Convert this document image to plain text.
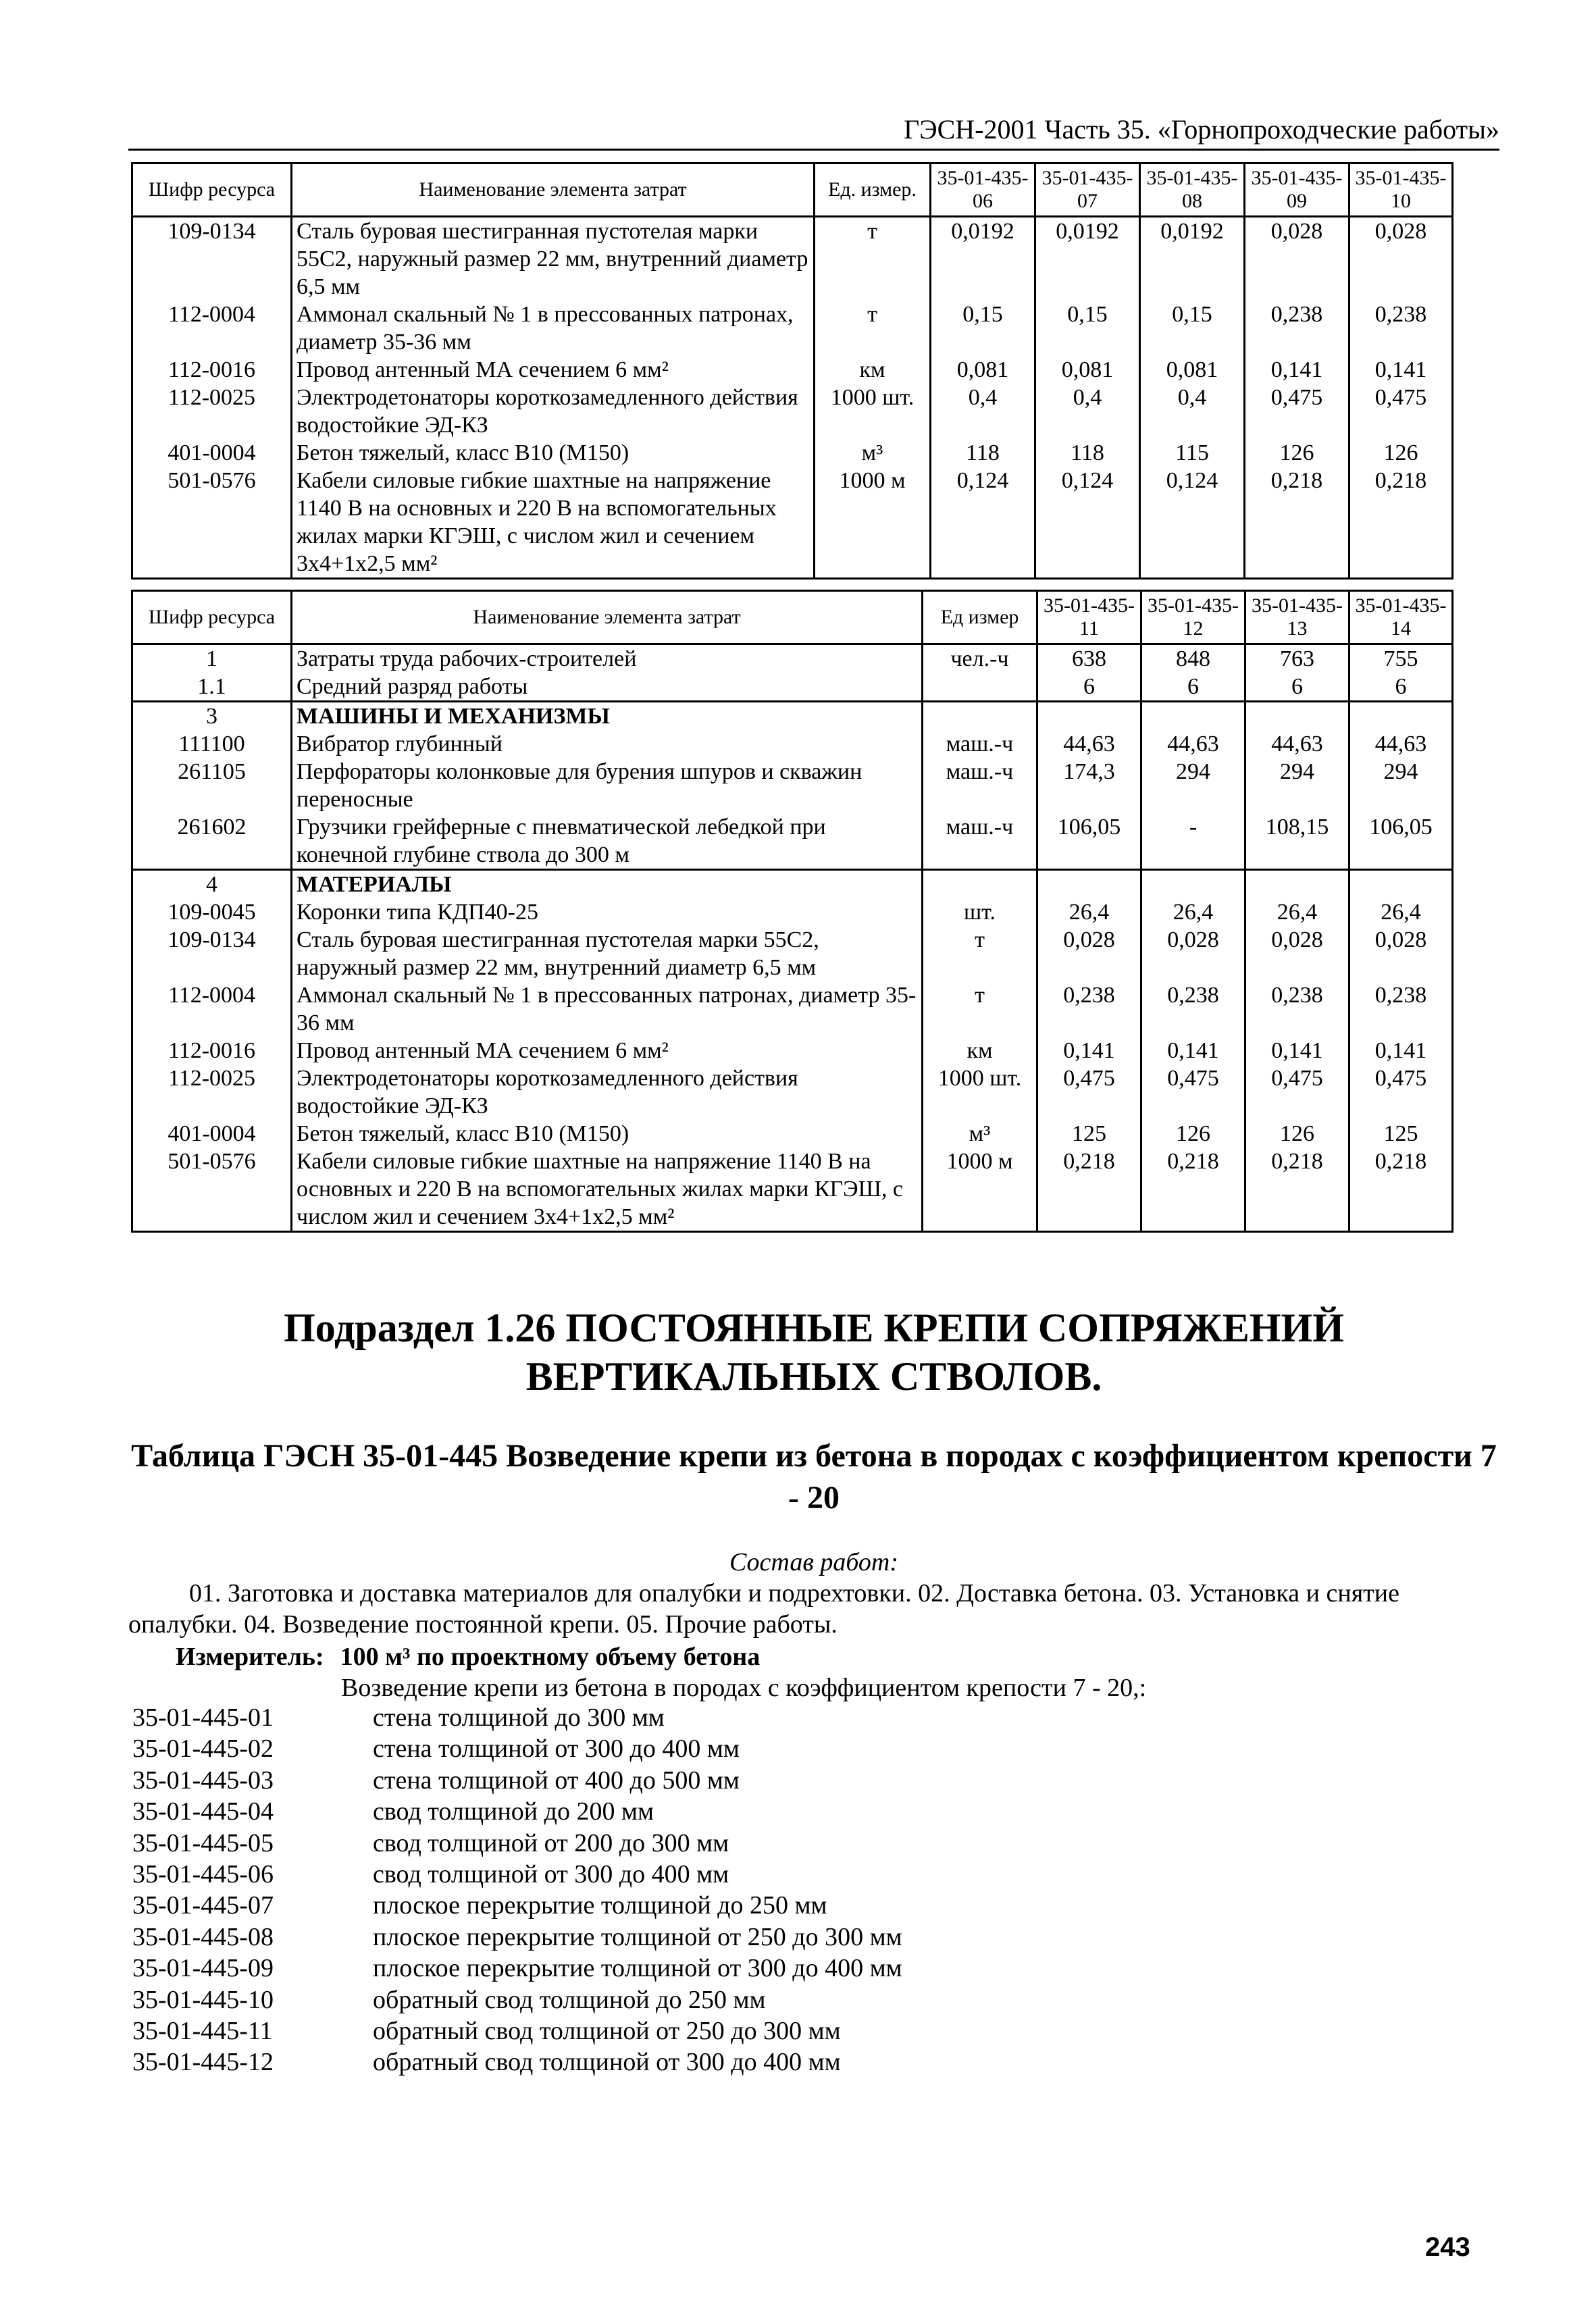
ГЭСН-2001 Часть 35. «Горнопроходческие работы»
Шифр ресурса	Наименование элемента затрат	Ед. измер.	35-01-435-06	35-01-435-07	35-01-435-08	35-01-435-09	35-01-435-10
109-0134	Сталь буровая шестигранная пустотелая марки 55С2, наружный размер 22 мм, внутренний диаметр 6,5 мм	т	0,0192	0,0192	0,0192	0,028	0,028
112-0004	Аммонал скальный № 1 в прессованных патронах, диаметр 35-36 мм	т	0,15	0,15	0,15	0,238	0,238
112-0016	Провод антенный МА сечением 6 мм²	км	0,081	0,081	0,081	0,141	0,141
112-0025	Электродетонаторы короткозамедленного действия водостойкие ЭД-КЗ	1000 шт.	0,4	0,4	0,4	0,475	0,475
401-0004	Бетон тяжелый, класс В10 (М150)	м³	118	118	115	126	126
501-0576	Кабели силовые гибкие шахтные на напряжение 1140 В на основных и 220 В на вспомогательных жилах марки КГЭШ, с числом жил и сечением 3х4+1х2,5 мм²	1000 м	0,124	0,124	0,124	0,218	0,218
Шифр ресурса	Наименование элемента затрат	Ед измер	35-01-435-11	35-01-435-12	35-01-435-13	35-01-435-14
1	Затраты труда рабочих-строителей	чел.-ч	638	848	763	755
1.1	Средний разряд работы		6	6	6	6
3	МАШИНЫ И МЕХАНИЗМЫ					
111100	Вибратор глубинный	маш.-ч	44,63	44,63	44,63	44,63
261105	Перфораторы колонковые для бурения шпуров и скважин переносные	маш.-ч	174,3	294	294	294
261602	Грузчики грейферные с пневматической лебедкой при конечной глубине ствола до 300 м	маш.-ч	106,05	-	108,15	106,05
4	МАТЕРИАЛЫ					
109-0045	Коронки типа КДП40-25	шт.	26,4	26,4	26,4	26,4
109-0134	Сталь буровая шестигранная пустотелая марки 55С2, наружный размер 22 мм, внутренний диаметр 6,5 мм	т	0,028	0,028	0,028	0,028
112-0004	Аммонал скальный № 1 в прессованных патронах, диаметр 35-36 мм	т	0,238	0,238	0,238	0,238
112-0016	Провод антенный МА сечением 6 мм²	км	0,141	0,141	0,141	0,141
112-0025	Электродетонаторы короткозамедленного действия водостойкие ЭД-КЗ	1000 шт.	0,475	0,475	0,475	0,475
401-0004	Бетон тяжелый, класс В10 (М150)	м³	125	126	126	125
501-0576	Кабели силовые гибкие шахтные на напряжение 1140 В на основных и 220 В на вспомогательных жилах марки КГЭШ, с числом жил и сечением 3х4+1х2,5 мм²	1000 м	0,218	0,218	0,218	0,218
Подраздел 1.26 ПОСТОЯННЫЕ КРЕПИ СОПРЯЖЕНИЙ ВЕРТИКАЛЬНЫХ СТВОЛОВ.
Таблица ГЭСН 35-01-445 Возведение крепи из бетона в породах с коэффициентом крепости 7 - 20
Состав работ:
01. Заготовка и доставка материалов для опалубки и подрехтовки. 02. Доставка бетона. 03. Установка и снятие опалубки. 04. Возведение постоянной крепи. 05. Прочие работы.
Измеритель: 100 м³ по проектному объему бетона
Возведение крепи из бетона в породах с коэффициентом крепости 7 - 20,:
35-01-445-01	стена толщиной до 300 мм
35-01-445-02	стена толщиной от 300 до 400 мм
35-01-445-03	стена толщиной от 400 до 500 мм
35-01-445-04	свод толщиной до 200 мм
35-01-445-05	свод толщиной от 200 до 300 мм
35-01-445-06	свод толщиной от 300 до 400 мм
35-01-445-07	плоское перекрытие толщиной до 250 мм
35-01-445-08	плоское перекрытие толщиной от 250 до 300 мм
35-01-445-09	плоское перекрытие толщиной от 300 до 400 мм
35-01-445-10	обратный свод толщиной до 250 мм
35-01-445-11	обратный свод толщиной от 250 до 300 мм
35-01-445-12	обратный свод толщиной от 300 до 400 мм
243
